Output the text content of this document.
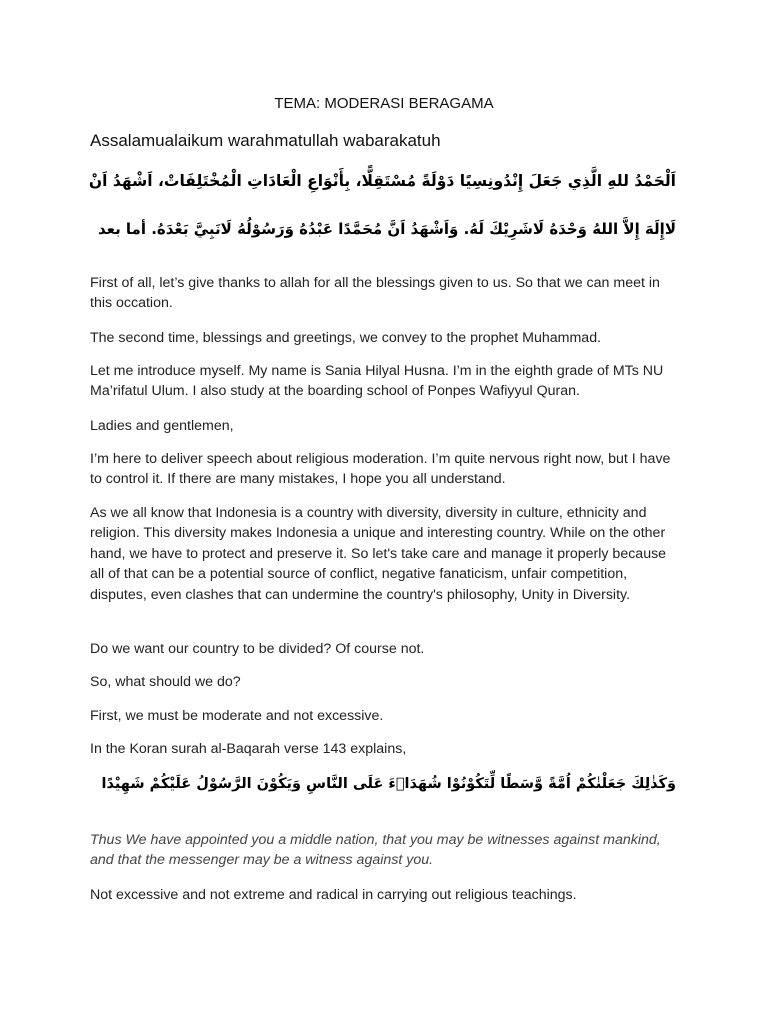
TEMA: MODERASI BERAGAMA
Assalamualaikum warahmatullah wabarakatuh
اَلْحَمْدُ للهِ الَّذِي جَعَلَ إِنْدُونِسِيًا دَوْلَةً مُسْتَقِلًّا، بِأَنْوَاعِ الْعَادَاتِ الْمُخْتَلِفَاتْ، اَشْهَدُ اَنْ
لَاإِلَهَ إِلاَّ اللهُ وَحْدَهُ لَاشَرِيْكَ لَهُ. وَاَشْهَدُ اَنَّ مُحَمَّدًا عَبْدُهُ وَرَسُوْلُهُ لَانَبِيَّ بَعْدَهُ. أما بعد

First of all, let’s give thanks to allah for all the blessings given to us. So that we can meet in this occation.

The second time, blessings and greetings, we convey to the prophet Muhammad.

Let me introduce myself. My name is Sania Hilyal Husna. I’m in the eighth grade of MTs NU Ma’rifatul Ulum. I also study at the boarding school of Ponpes Wafiyyul Quran.

Ladies and gentlemen,

I’m here to deliver speech about religious moderation. I’m quite nervous right now, but I have to control it. If there are many mistakes, I hope you all understand.

As we all know that Indonesia is a country with diversity, diversity in culture, ethnicity and religion. This diversity makes Indonesia a unique and interesting country. While on the other hand, we have to protect and preserve it. So let's take care and manage it properly because all of that can be a potential source of conflict, negative fanaticism, unfair competition, disputes, even clashes that can undermine the country's philosophy, Unity in Diversity.

Do we want our country to be divided? Of course not.

So, what should we do?

First, we must be moderate and not excessive.

In the Koran surah al-Baqarah verse 143 explains,

وَكَذٰلِكَ جَعَلْنٰكُمْ اُمَّةً وَّسَطًا لِّتَكُوْنُوْا شُهَدَاۤءَ عَلَى النَّاسِ وَيَكُوْنَ الرَّسُوْلُ عَلَيْكُمْ شَهِيْدًا

Thus We have appointed you a middle nation, that you may be witnesses against mankind, and that the messenger may be a witness against you.

Not excessive and not extreme and radical in carrying out religious teachings.
